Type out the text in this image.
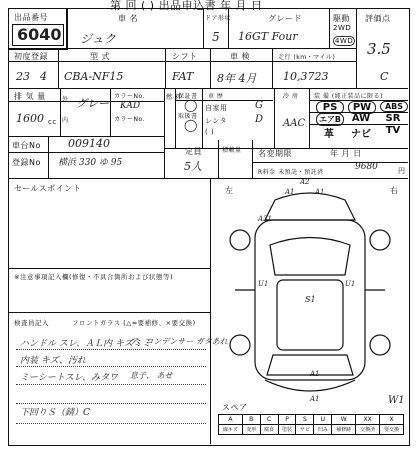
第 回 ( ) 出品申込書 年 月 日
出品番号
6040
車 名
ジュク
ドア形状
5
グレード
16GT Four
駆動
2WD
4WD
評価点
3.5
初度登録	型 式	シフト	車 検	走行 (km・マイル)
23 4 CBA-NF15	FAT 8年 4月 10,3723	C
排 気 量	カラーNo.
1600 cc
外 グレー KAD
内	カラーNo.
燃 料
保証書
取扱書
◯
◯
車 歴
自家用
レンタ
( )
G
D
冷 房
AAC
装 備 (純正装品に限る)
PS	PW	ABS
エアB	AW	SR
革	ナビ	TV
車台No 009140
登録No 横浜 330 ゆ 95
定員
5人
積載量 名変期限	年 月 日
R料金 未預託・預託済
9680	円
セールスポイント
※注意事項記入欄(修復・不具合箇所および状態等)
検査員記入	フロントガラス (△=要補修、×要交換)
ハンドル スレ、ＡＬ内 キズミミ
ア、コンデンサー ガタあれ
内装 キズ、汚れ
ミーシートスレ、みタワ 息子、 あせ
下回りＳ（錆）C
左	右
A2
A1	A1
A31
U1	U1
S1
A1
A1	W1
スペア
A	B	C	P	S	U	W	XX	X
線キズ	変形	腐食	塗装	サビ	凹み	補修跡	交換済	要交換
